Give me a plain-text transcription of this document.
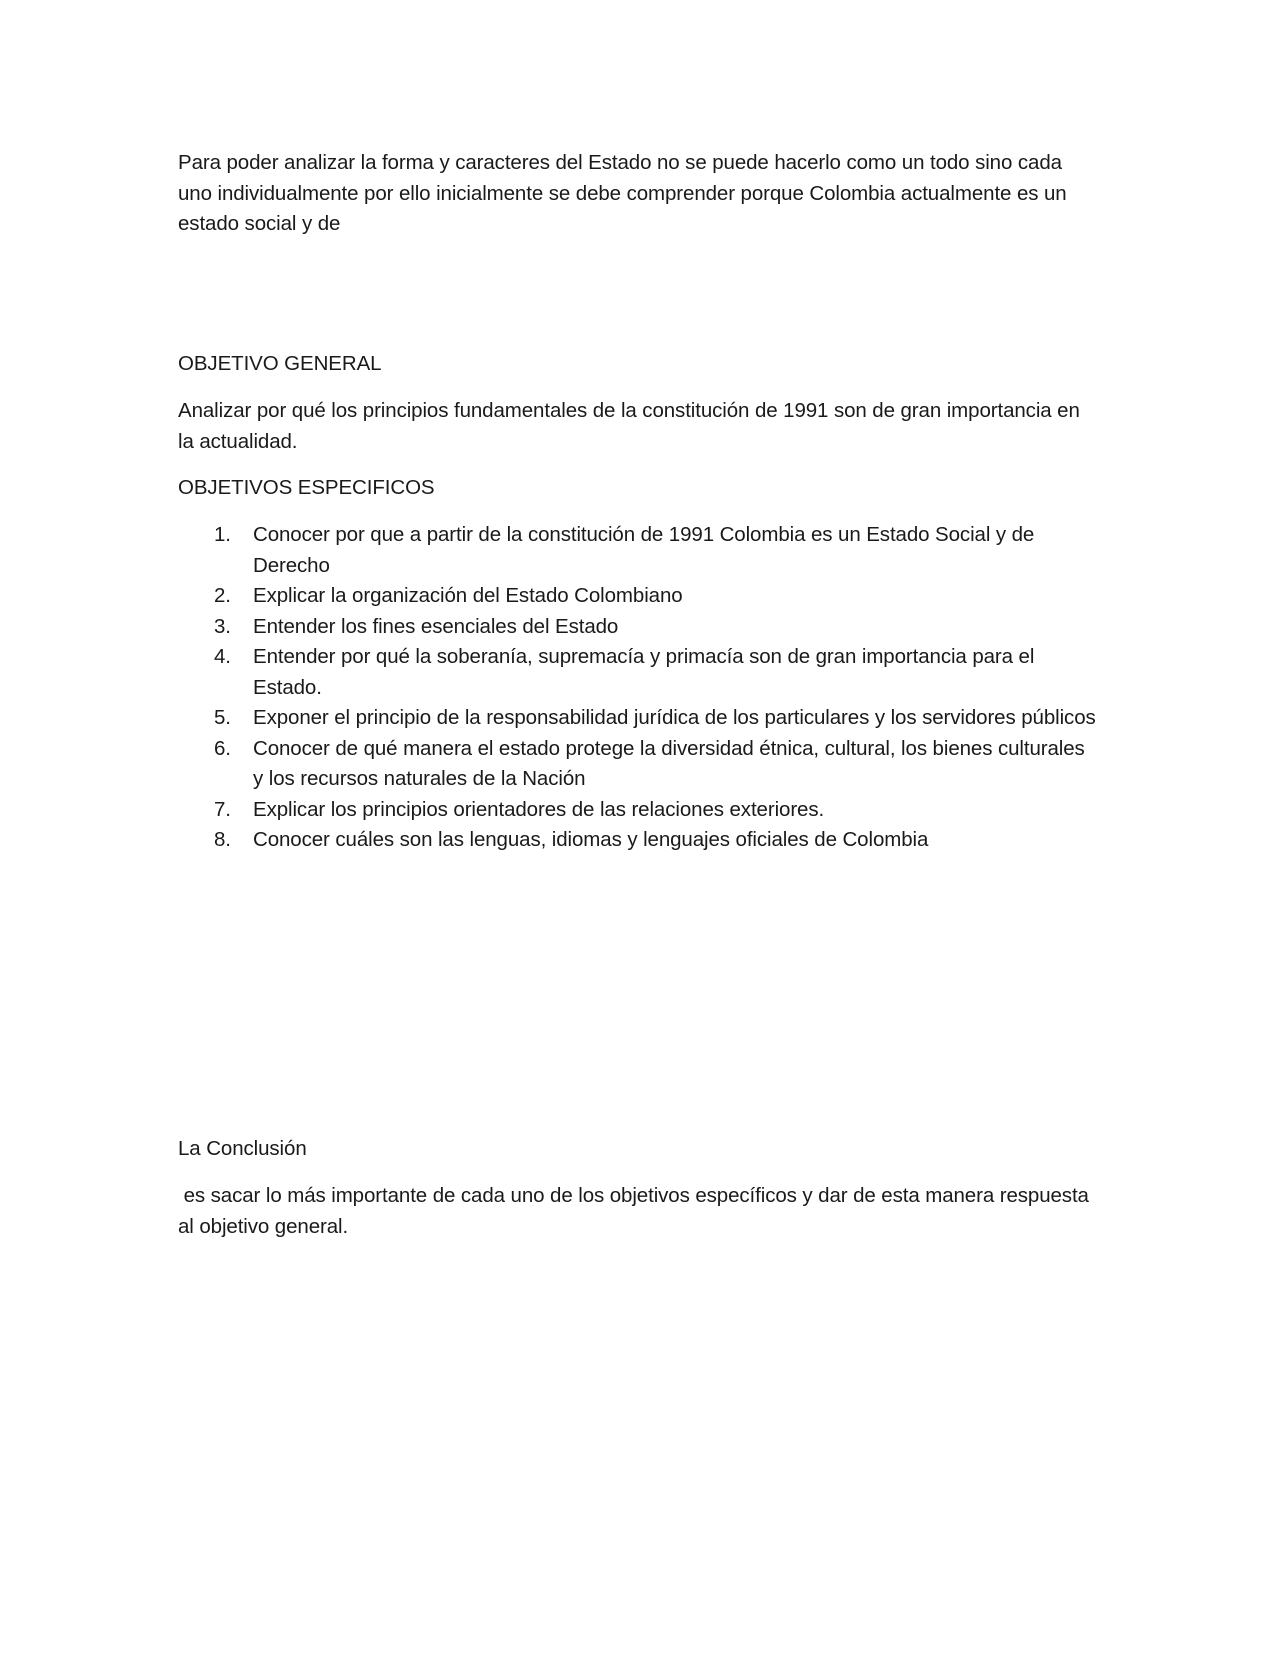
Para poder analizar la forma y caracteres del Estado no se puede hacerlo como un todo sino cada uno individualmente por ello inicialmente se debe comprender porque Colombia actualmente es un estado social y de

OBJETIVO GENERAL

Analizar por qué los principios fundamentales de la constitución de 1991 son de gran importancia en la actualidad.

OBJETIVOS ESPECIFICOS

1. Conocer por que a partir de la constitución de 1991 Colombia es un Estado Social y de Derecho
2. Explicar la organización del Estado Colombiano
3. Entender los fines esenciales del Estado
4. Entender por qué la soberanía, supremacía y primacía son de gran importancia para el Estado.
5. Exponer el principio de la responsabilidad jurídica de los particulares y los servidores públicos
6. Conocer de qué manera el estado protege la diversidad étnica, cultural, los bienes culturales y los recursos naturales de la Nación
7. Explicar los principios orientadores de las relaciones exteriores.
8. Conocer cuáles son las lenguas, idiomas y lenguajes oficiales de Colombia

La Conclusión

es sacar lo más importante de cada uno de los objetivos específicos y dar de esta manera respuesta al objetivo general.
